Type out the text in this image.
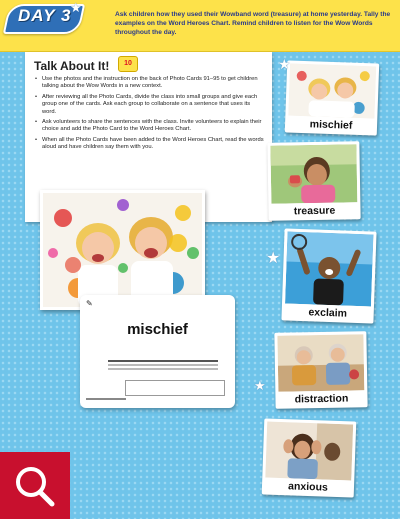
DAY 3
★	Ask children how they used their Wowband word (treasure) at home yesterday. Tally the examples on the Word Heroes Chart. Remind children to listen for the Wow Words throughout the day.
Talk About It!	10
• Use the photos and the instruction on the back of Photo Cards 91–95 to get children talking about the Wow Words in a new context.
• After reviewing all the Photo Cards, divide the class into small groups and give each group one of the cards. Ask each group to collaborate on a sentence that uses its word.
• Ask volunteers to share the sentences with the class. Invite volunteers to explain their choice and add the Photo Card to the Word Heroes Chart.
• When all the Photo Cards have been added to the Word Heroes Chart, read the words aloud and have children say them with you.
✎
mischief
mischief
treasure
exclaim
distraction
anxious
★
★
★
